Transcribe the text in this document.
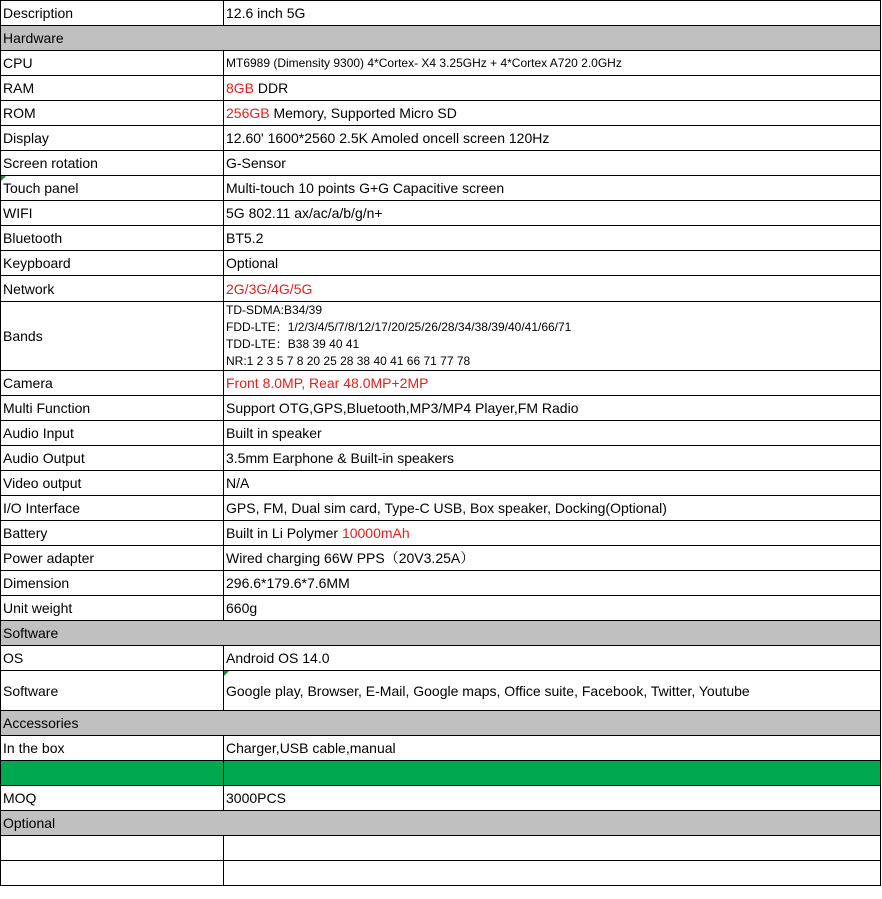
Description	12.6 inch 5G
Hardware	
CPU	MT6989 (Dimensity 9300) 4*Cortex- X4 3.25GHz + 4*Cortex A720 2.0GHz
RAM	8GB DDR
ROM	256GB Memory, Supported Micro SD
Display	12.60' 1600*2560 2.5K Amoled oncell screen 120Hz
Screen rotation	G-Sensor
Touch panel	Multi-touch 10 points G+G Capacitive screen
WIFI	5G 802.11 ax/ac/a/b/g/n+
Bluetooth	BT5.2
Keypboard	Optional
Network	2G/3G/4G/5G
Bands	TD-SDMA:B34/39
FDD-LTE：1/2/3/4/5/7/8/12/17/20/25/26/28/34/38/39/40/41/66/71
TDD-LTE：B38 39 40 41
NR:1 2 3 5 7 8 20 25 28 38 40 41 66 71 77 78

Camera	Front 8.0MP, Rear 48.0MP+2MP
Multi Function	Support OTG,GPS,Bluetooth,MP3/MP4 Player,FM Radio
Audio Input	Built in speaker
Audio Output	3.5mm Earphone & Built-in speakers
Video output	N/A
I/O Interface	GPS, FM, Dual sim card, Type-C USB, Box speaker, Docking(Optional)
Battery	Built in Li Polymer 10000mAh
Power adapter	Wired charging 66W PPS（20V3.25A）
Dimension	296.6*179.6*7.6MM
Unit weight	660g
Software	
OS	Android OS 14.0
Software	Google play, Browser, E-Mail, Google maps, Office suite, Facebook, Twitter, Youtube
Accessories	
In the box	Charger,USB cable,manual

MOQ	3000PCS
Optional	
